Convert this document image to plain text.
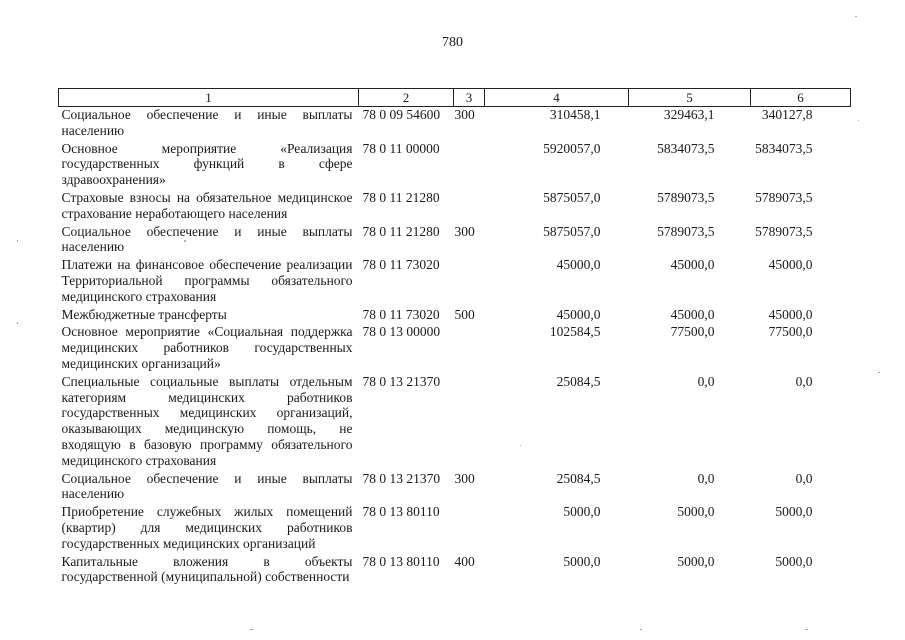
780
1	2	3	4	5	6
Социальное обеспечение и иные выплаты населению	78 0 09 54600	300	310458,1	329463,1	340127,8
Основное мероприятие «Реализация государственных функций в сфере здравоохранения»	78 0 11 00000		5920057,0	5834073,5	5834073,5
Страховые взносы на обязательное медицинское страхование неработающего населения	78 0 11 21280		5875057,0	5789073,5	5789073,5
Социальное обеспечение и иные выплаты населению	78 0 11 21280	300	5875057,0	5789073,5	5789073,5
Платежи на финансовое обеспечение реализации Территориальной программы обязательного медицинского страхования	78 0 11 73020		45000,0	45000,0	45000,0
Межбюджетные трансферты	78 0 11 73020	500	45000,0	45000,0	45000,0
Основное мероприятие «Социальная поддержка медицинских работников государственных медицинских организаций»	78 0 13 00000		102584,5	77500,0	77500,0
Специальные социальные выплаты отдельным категориям медицинских работников государственных медицинских организаций, оказывающих медицинскую помощь, не входящую в базовую программу обязательного медицинского страхования	78 0 13 21370		25084,5	0,0	0,0
Социальное обеспечение и иные выплаты населению	78 0 13 21370	300	25084,5	0,0	0,0
Приобретение служебных жилых помещений (квартир) для медицинских работников государственных медицинских организаций	78 0 13 80110		5000,0	5000,0	5000,0
Капитальные вложения в объекты государственной (муниципальной) собственности	78 0 13 80110	400	5000,0	5000,0	5000,0
